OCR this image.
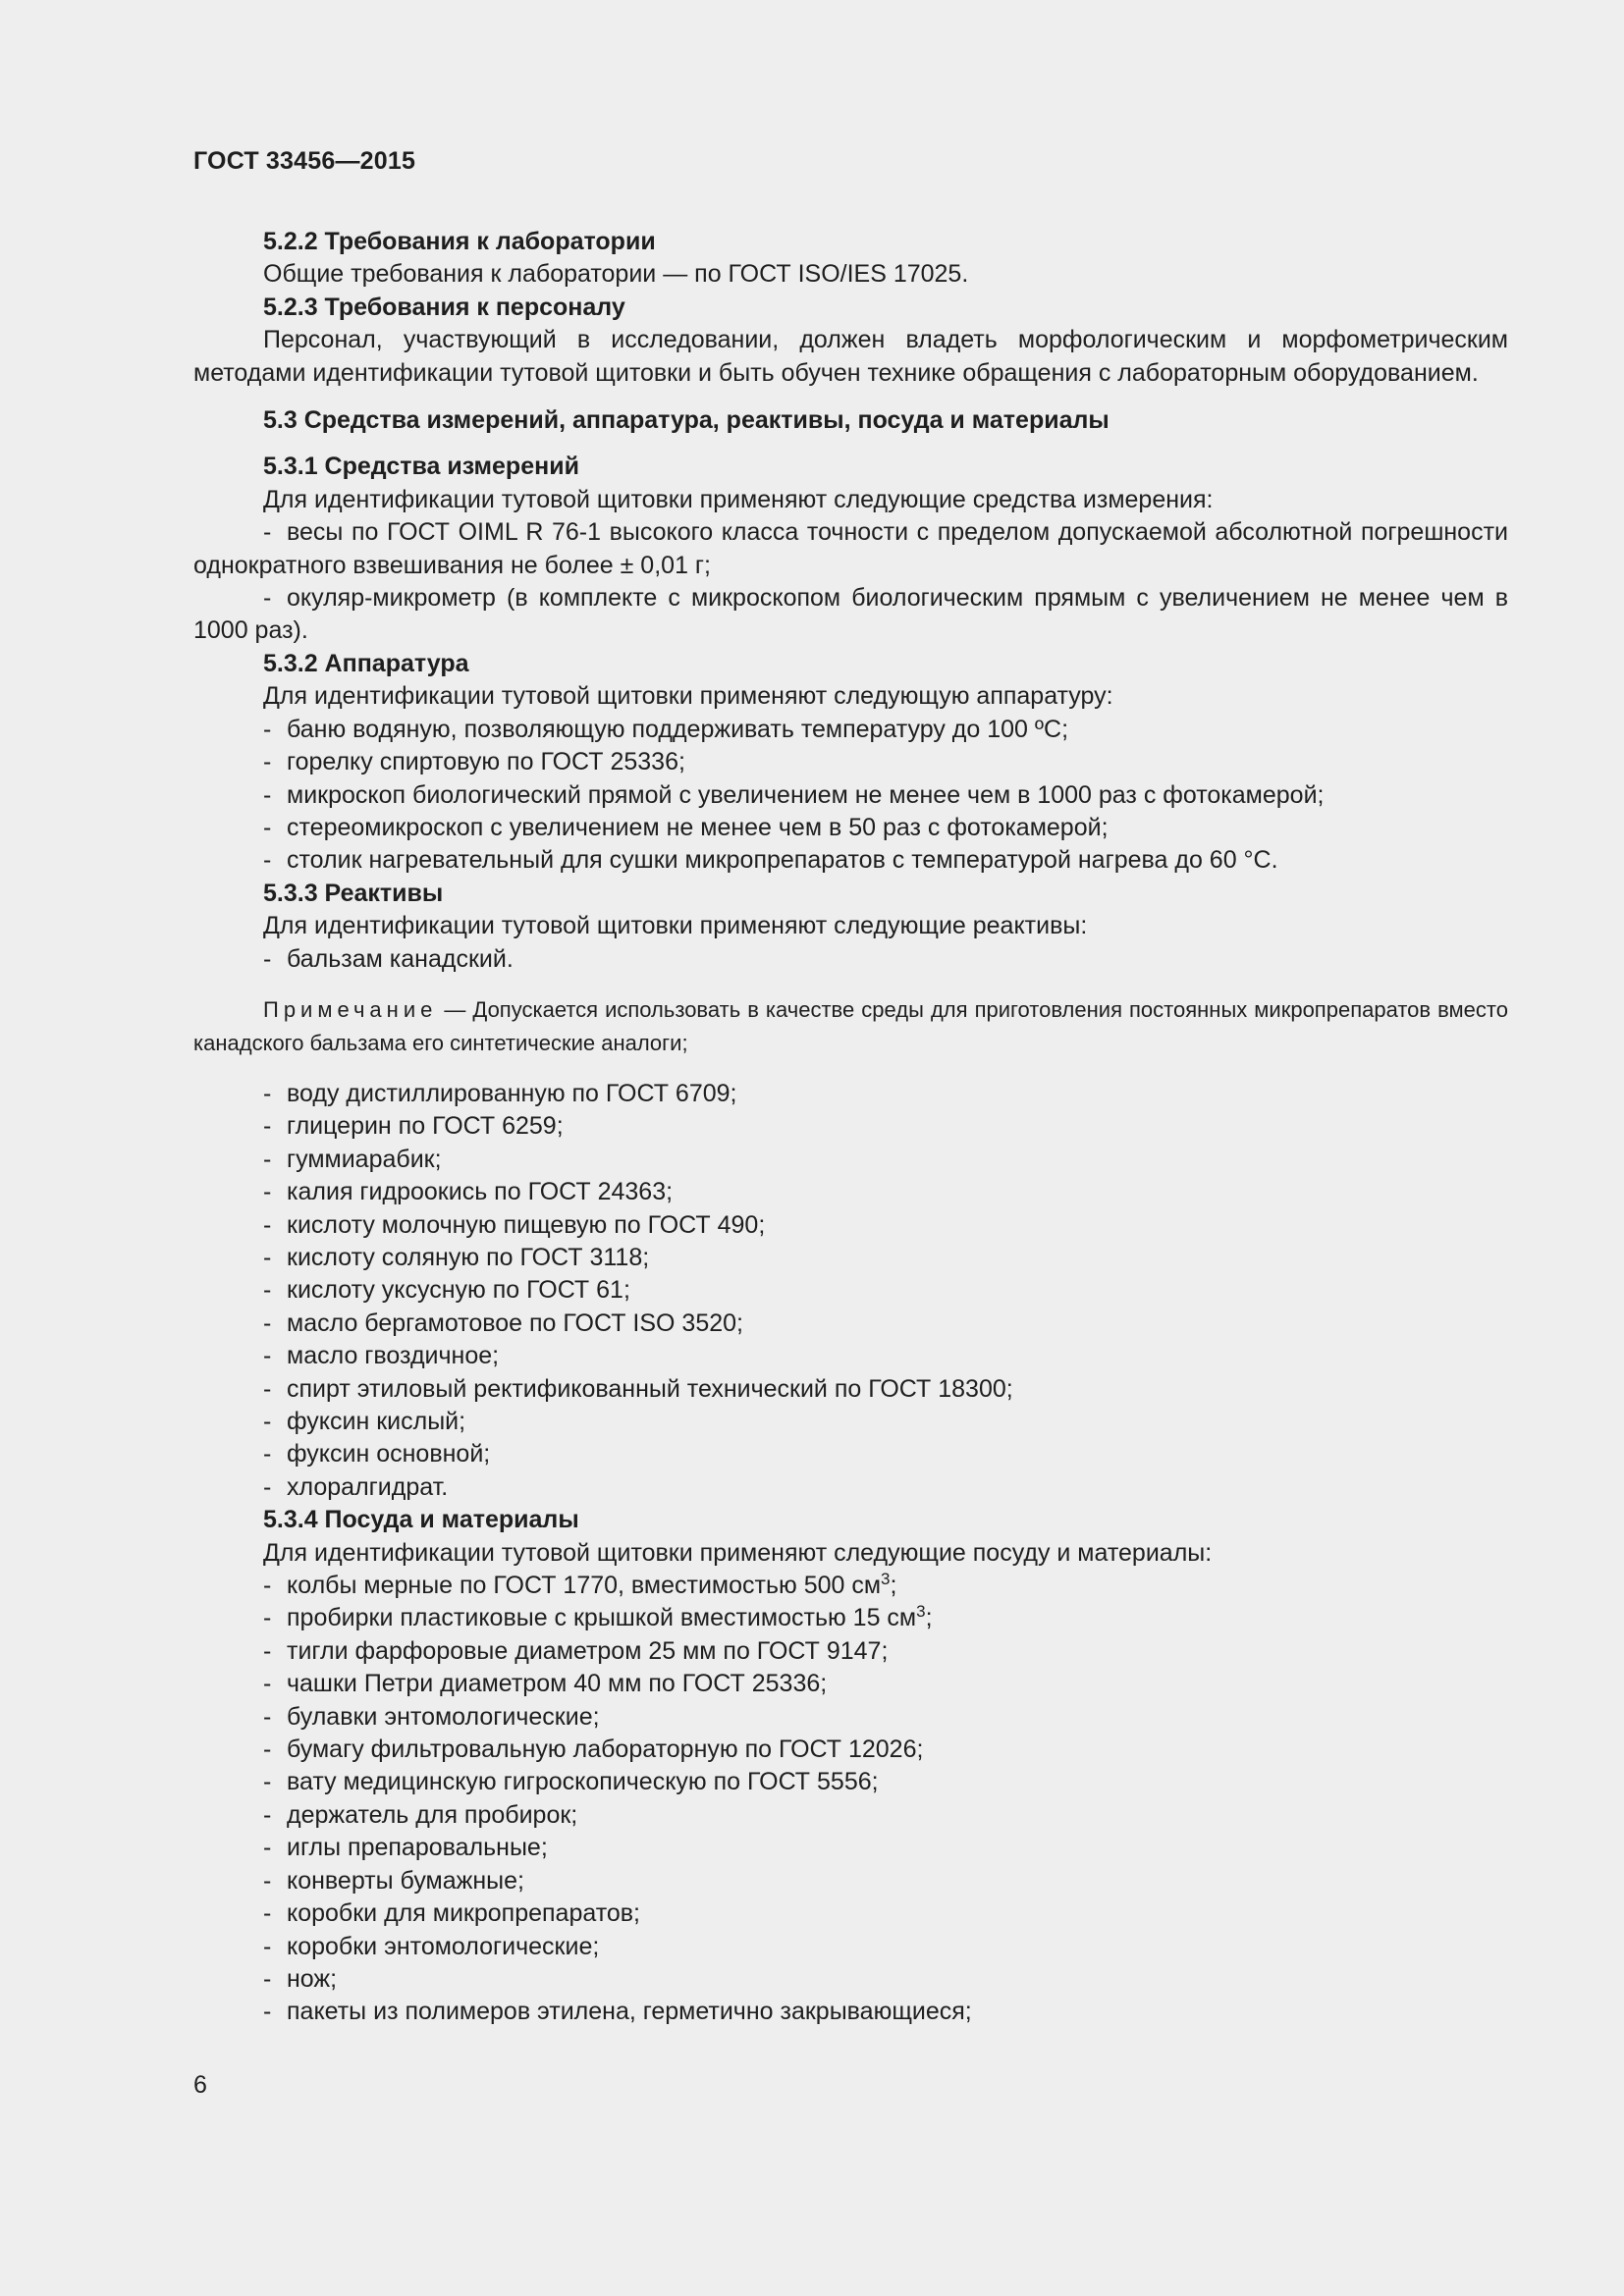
ГОСТ 33456—2015

5.2.2 Требования к лаборатории

Общие требования к лаборатории — по ГОСТ ISO/IES 17025.

5.2.3 Требования к персоналу

Персонал, участвующий в исследовании, должен владеть морфологическим и морфометрическим методами идентификации тутовой щитовки и быть обучен технике обращения с лабораторным оборудованием.

5.3 Средства измерений, аппаратура, реактивы, посуда и материалы

5.3.1 Средства измерений

Для идентификации тутовой щитовки применяют следующие средства измерения:

- весы по ГОСТ OIML R 76-1 высокого класса точности с пределом допускаемой абсолютной погрешности однократного взвешивания не более ± 0,01 г;

- окуляр-микрометр (в комплекте с микроскопом биологическим прямым с увеличением не менее чем в 1000 раз).

5.3.2 Аппаратура

Для идентификации тутовой щитовки применяют следующую аппаратуру:

- баню водяную, позволяющую поддерживать температуру до 100 ºС;

- горелку спиртовую по ГОСТ 25336;

- микроскоп биологический прямой с увеличением не менее чем в 1000 раз с фотокамерой;

- стереомикроскоп с увеличением не менее чем в 50 раз с фотокамерой;

- столик нагревательный для сушки микропрепаратов с температурой нагрева до 60 °С.

5.3.3 Реактивы

Для идентификации тутовой щитовки применяют следующие реактивы:

- бальзам канадский.

Примечание — Допускается использовать в качестве среды для приготовления постоянных микропрепаратов вместо канадского бальзама его синтетические аналоги;

- воду дистиллированную по ГОСТ 6709;

- глицерин по ГОСТ 6259;

- гуммиарабик;

- калия гидроокись по ГОСТ 24363;

- кислоту молочную пищевую по ГОСТ 490;

- кислоту соляную по ГОСТ 3118;

- кислоту уксусную по ГОСТ 61;

- масло бергамотовое по ГОСТ ISO 3520;

- масло гвоздичное;

- спирт этиловый ректификованный технический по ГОСТ 18300;

- фуксин кислый;

- фуксин основной;

- хлоралгидрат.

5.3.4 Посуда и материалы

Для идентификации тутовой щитовки применяют следующие посуду и материалы:

- колбы мерные по ГОСТ 1770, вместимостью 500 $см^3$;

- пробирки пластиковые с крышкой вместимостью 15 $см^3$;

- тигли фарфоровые диаметром 25 мм по ГОСТ 9147;

- чашки Петри диаметром 40 мм по ГОСТ 25336;

- булавки энтомологические;

- бумагу фильтровальную лабораторную по ГОСТ 12026;

- вату медицинскую гигроскопическую по ГОСТ 5556;

- держатель для пробирок;

- иглы препаровальные;

- конверты бумажные;

- коробки для микропрепаратов;

- коробки энтомологические;

- нож;

- пакеты из полимеров этилена, герметично закрывающиеся;

6
